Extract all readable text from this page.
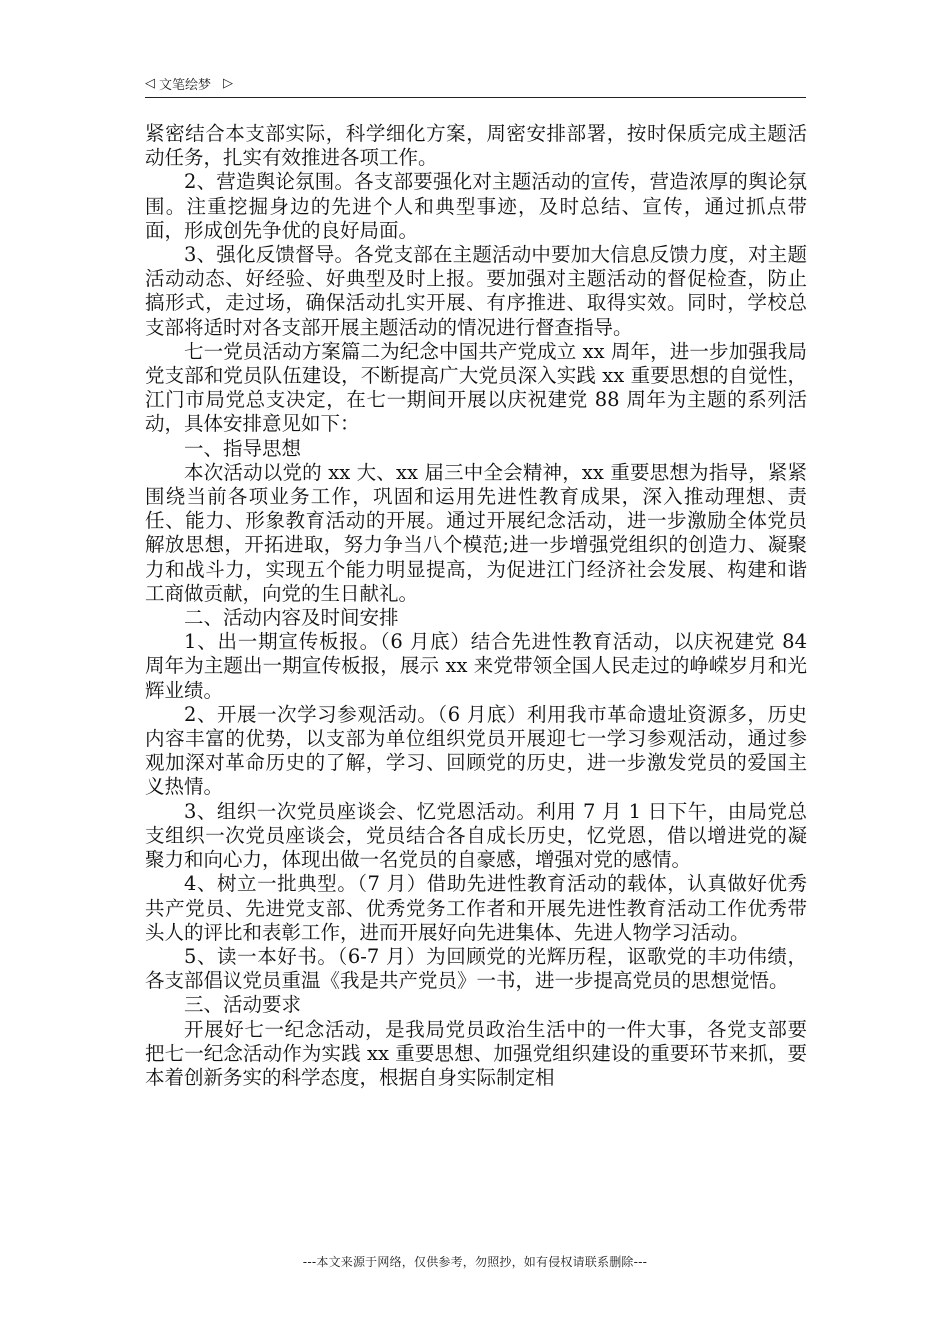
◁ 文笔绘梦 ▷

紧密结合本支部实际，科学细化方案，周密安排部署，按时保质完成主题活动任务，扎实有效推进各项工作。

2、营造舆论氛围。各支部要强化对主题活动的宣传，营造浓厚的舆论氛围。注重挖掘身边的先进个人和典型事迹，及时总结、宣传，通过抓点带面，形成创先争优的良好局面。

3、强化反馈督导。各党支部在主题活动中要加大信息反馈力度，对主题活动动态、好经验、好典型及时上报。要加强对主题活动的督促检查，防止搞形式，走过场，确保活动扎实开展、有序推进、取得实效。同时，学校总支部将适时对各支部开展主题活动的情况进行督查指导。

七一党员活动方案篇二为纪念中国共产党成立 xx 周年，进一步加强我局党支部和党员队伍建设，不断提高广大党员深入实践 xx 重要思想的自觉性，江门市局党总支决定，在七一期间开展以庆祝建党 88 周年为主题的系列活动，具体安排意见如下：

一、指导思想

本次活动以党的 xx 大、xx 届三中全会精神，xx 重要思想为指导，紧紧围绕当前各项业务工作，巩固和运用先进性教育成果，深入推动理想、责任、能力、形象教育活动的开展。通过开展纪念活动，进一步激励全体党员解放思想，开拓进取，努力争当八个模范;进一步增强党组织的创造力、凝聚力和战斗力，实现五个能力明显提高，为促进江门经济社会发展、构建和谐工商做贡献，向党的生日献礼。

二、活动内容及时间安排

1、出一期宣传板报。（6 月底）结合先进性教育活动，以庆祝建党 84 周年为主题出一期宣传板报，展示 xx 来党带领全国人民走过的峥嵘岁月和光辉业绩。

2、开展一次学习参观活动。（6 月底）利用我市革命遗址资源多，历史内容丰富的优势，以支部为单位组织党员开展迎七一学习参观活动，通过参观加深对革命历史的了解，学习、回顾党的历史，进一步激发党员的爱国主义热情。

3、组织一次党员座谈会、忆党恩活动。利用 7 月 1 日下午，由局党总支组织一次党员座谈会，党员结合各自成长历史，忆党恩，借以增进党的凝聚力和向心力，体现出做一名党员的自豪感，增强对党的感情。

4、树立一批典型。（7 月）借助先进性教育活动的载体，认真做好优秀共产党员、先进党支部、优秀党务工作者和开展先进性教育活动工作优秀带头人的评比和表彰工作，进而开展好向先进集体、先进人物学习活动。

5、读一本好书。（6-7 月）为回顾党的光辉历程，讴歌党的丰功伟绩，各支部倡议党员重温《我是共产党员》一书，进一步提高党员的思想觉悟。

三、活动要求

开展好七一纪念活动，是我局党员政治生活中的一件大事，各党支部要把七一纪念活动作为实践 xx 重要思想、加强党组织建设的重要环节来抓，要本着创新务实的科学态度，根据自身实际制定相

---本文来源于网络，仅供参考，勿照抄，如有侵权请联系删除---
